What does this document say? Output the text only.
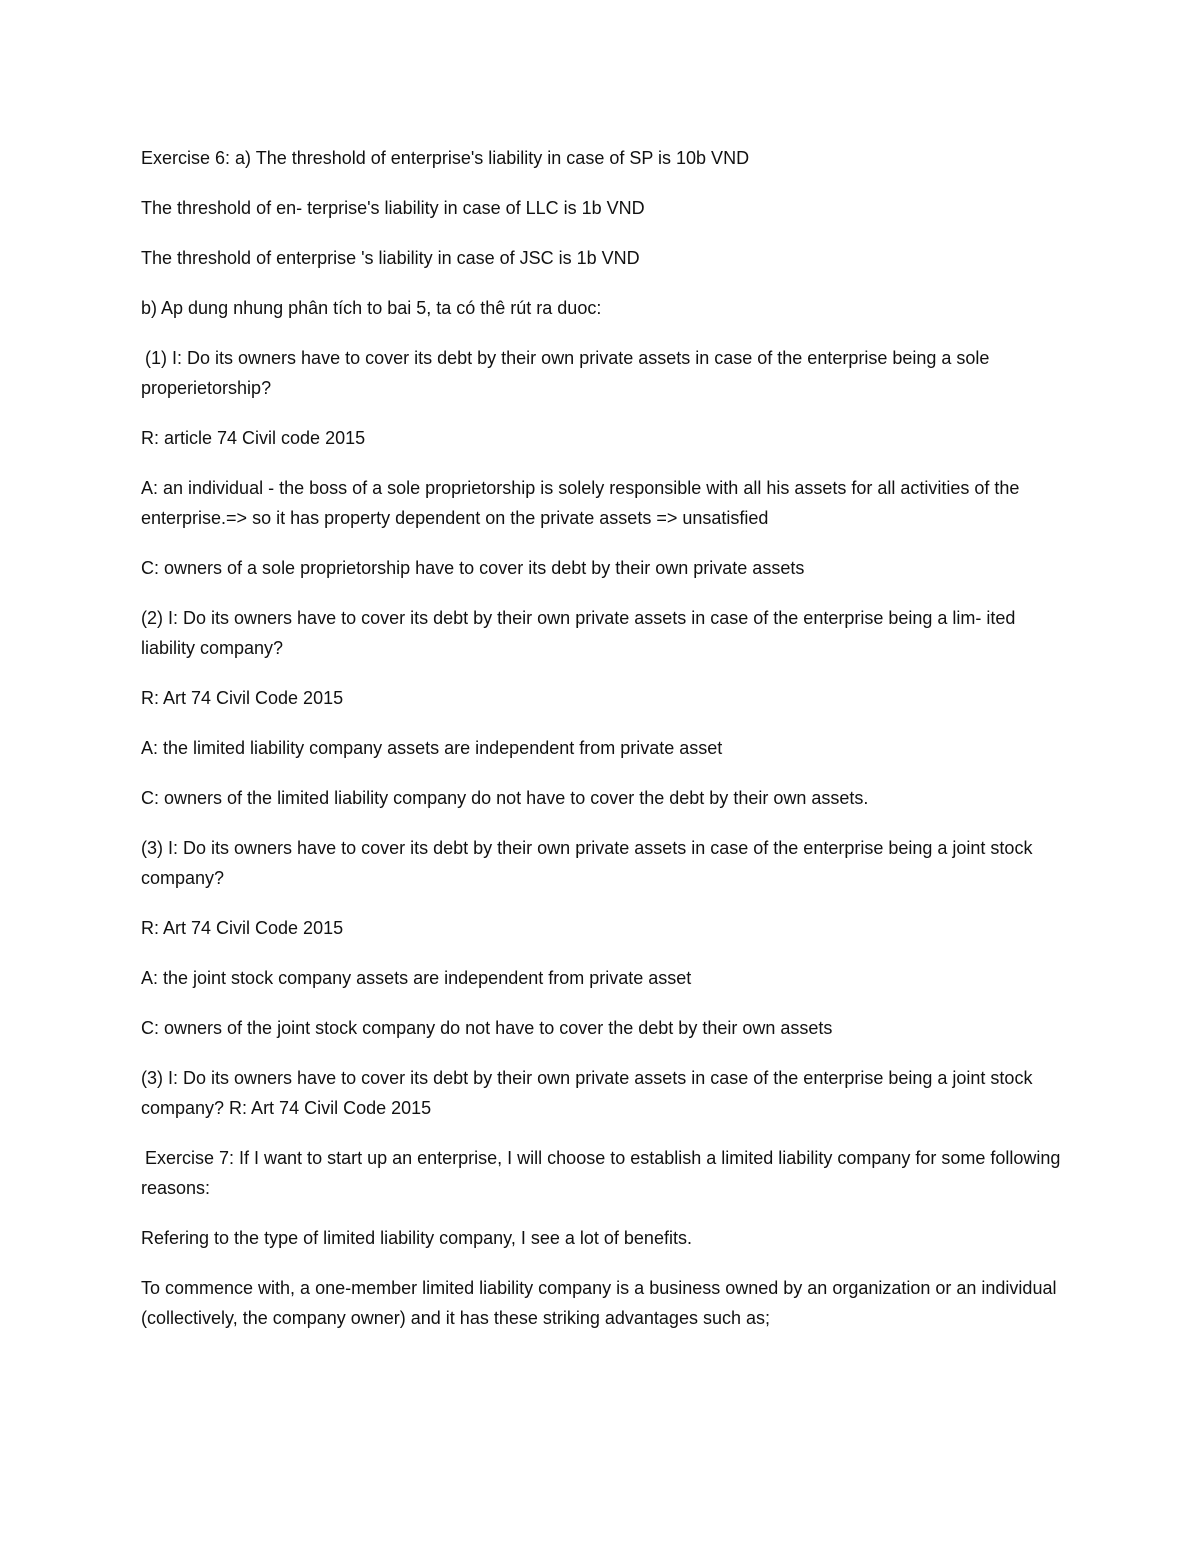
Exercise 6: a) The threshold of enterprise's liability in case of SP is 10b VND

The threshold of en- terprise's liability in case of LLC is 1b VND

The threshold of enterprise 's liability in case of JSC is 1b VND

b) Ap dung nhung phân tích to bai 5, ta có thê rút ra duoc:

(1) I: Do its owners have to cover its debt by their own private assets in case of the enterprise being a sole properietorship?

R: article 74 Civil code 2015

A: an individual - the boss of a sole proprietorship is solely responsible with all his assets for all activities of the enterprise.=> so it has property dependent on the private assets => unsatisfied

C: owners of a sole proprietorship have to cover its debt by their own private assets

(2) I: Do its owners have to cover its debt by their own private assets in case of the enterprise being a lim- ited liability company?

R: Art 74 Civil Code 2015

A: the limited liability company assets are independent from private asset

C: owners of the limited liability company do not have to cover the debt by their own assets.

(3) I: Do its owners have to cover its debt by their own private assets in case of the enterprise being a joint stock company?

R: Art 74 Civil Code 2015

A: the joint stock company assets are independent from private asset

C: owners of the joint stock company do not have to cover the debt by their own assets

(3) I: Do its owners have to cover its debt by their own private assets in case of the enterprise being a joint stock company? R: Art 74 Civil Code 2015

Exercise 7: If I want to start up an enterprise, I will choose to establish a limited liability company for some following reasons:

Refering to the type of limited liability company, I see a lot of benefits.

To commence with, a one-member limited liability company is a business owned by an organization or an individual (collectively, the company owner) and it has these striking advantages such as;
